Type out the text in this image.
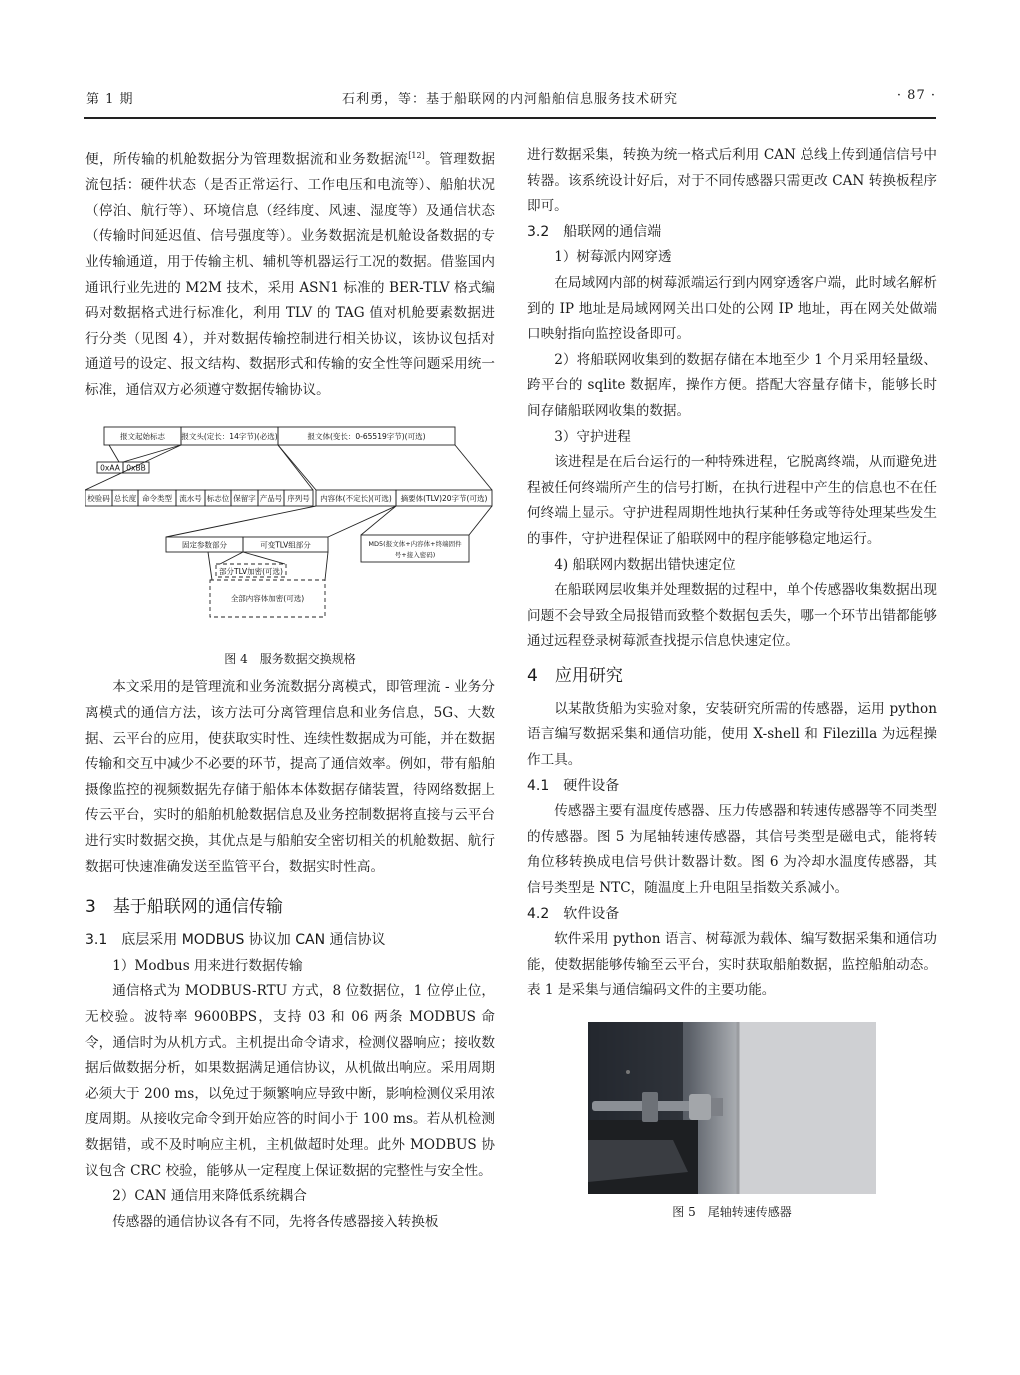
第 1 期	石利勇，等：基于船联网的内河船舶信息服务技术研究	· 87 ·

便，所传输的机舱数据分为管理数据流和业务数据流[12]。管理数据流包括：硬件状态（是否正常运行、工作电压和电流等）、船舶状况（停泊、航行等）、环境信息（经纬度、风速、湿度等）及通信状态（传输时间延迟值、信号强度等）。业务数据流是机舱设备数据的专业传输通道，用于传输主机、辅机等机器运行工况的数据。借鉴国内通讯行业先进的 M2M 技术，采用 ASN1 标准的 BER-TLV 格式编码对数据格式进行标准化，利用 TLV 的 TAG 值对机舱要素数据进行分类（见图 4），并对数据传输控制进行相关协议，该协议包括对通道号的设定、报文结构、数据形式和传输的安全性等问题采用统一标准，通信双方必须遵守数据传输协议。

报文起始标志 报文头(定长：14字节)(必选)	报文体(变长：0-65519字节)(可选)
0xAA 0xBB
校验码 总长度 命令类型 流水号 标志位 保留字 产品号 序列号 内容体(不定长)(可选) 摘要体(TLV)20字节(可选)
固定参数部分	可变TLV组部分	MD5(报文体+内容体+终端固件
号+接入密码)
部分TLV加密(可选)
全部内容体加密(可选)

图 4　服务数据交换规格

本文采用的是管理流和业务流数据分离模式，即管理流 - 业务分离模式的通信方法，该方法可分离管理信息和业务信息，5G、大数据、云平台的应用，使获取实时性、连续性数据成为可能，并在数据传输和交互中减少不必要的环节，提高了通信效率。例如，带有船舶摄像监控的视频数据先存储于船体本体数据存储装置，待网络数据上传云平台，实时的船舶机舱数据信息及业务控制数据将直接与云平台进行实时数据交换，其优点是与船舶安全密切相关的机舱数据、航行数据可快速准确发送至监管平台，数据实时性高。

3　基于船联网的通信传输
3.1　底层采用 MODBUS 协议加 CAN 通信协议

1）Modbus 用来进行数据传输

通信格式为 MODBUS-RTU 方式，8 位数据位，1 位停止位，无校验。波特率 9600BPS，支持 03 和 06 两条 MODBUS 命令，通信时为从机方式。主机提出命令请求，检测仪器响应；接收数据后做数据分析，如果数据满足通信协议，从机做出响应。采用周期必须大于 200 ms，以免过于频繁响应导致中断，影响检测仪采用浓度周期。从接收完命令到开始应答的时间小于 100 ms。若从机检测数据错，或不及时响应主机，主机做超时处理。此外 MODBUS 协议包含 CRC 校验，能够从一定程度上保证数据的完整性与安全性。

2）CAN 通信用来降低系统耦合

传感器的通信协议各有不同，先将各传感器接入转换板

进行数据采集，转换为统一格式后利用 CAN 总线上传到通信信号中转器。该系统设计好后，对于不同传感器只需更改 CAN 转换板程序即可。

3.2　船联网的通信端

1）树莓派内网穿透

在局域网内部的树莓派端运行到内网穿透客户端，此时域名解析到的 IP 地址是局域网网关出口处的公网 IP 地址，再在网关处做端口映射指向监控设备即可。

2）将船联网收集到的数据存储在本地至少 1 个月采用轻量级、跨平台的 sqlite 数据库，操作方便。搭配大容量存储卡，能够长时间存储船联网收集的数据。

3）守护进程

该进程是在后台运行的一种特殊进程，它脱离终端，从而避免进程被任何终端所产生的信号打断，在执行进程中产生的信息也不在任何终端上显示。守护进程周期性地执行某种任务或等待处理某些发生的事件，守护进程保证了船联网中的程序能够稳定地运行。

4) 船联网内数据出错快速定位

在船联网层收集并处理数据的过程中，单个传感器收集数据出现问题不会导致全局报错而致整个数据包丢失，哪一个环节出错都能够通过远程登录树莓派查找提示信息快速定位。

4　应用研究

以某散货船为实验对象，安装研究所需的传感器，运用 python 语言编写数据采集和通信功能，使用 X-shell 和 Filezilla 为远程操作工具。

4.1　硬件设备

传感器主要有温度传感器、压力传感器和转速传感器等不同类型的传感器。图 5 为尾轴转速传感器，其信号类型是磁电式，能将转角位移转换成电信号供计数器计数。图 6 为冷却水温度传感器，其信号类型是 NTC，随温度上升电阻呈指数关系减小。

4.2　软件设备

软件采用 python 语言、树莓派为载体、编写数据采集和通信功能，使数据能够传输至云平台，实时获取船舶数据，监控船舶动态。表 1 是采集与通信编码文件的主要功能。

图 5　尾轴转速传感器
